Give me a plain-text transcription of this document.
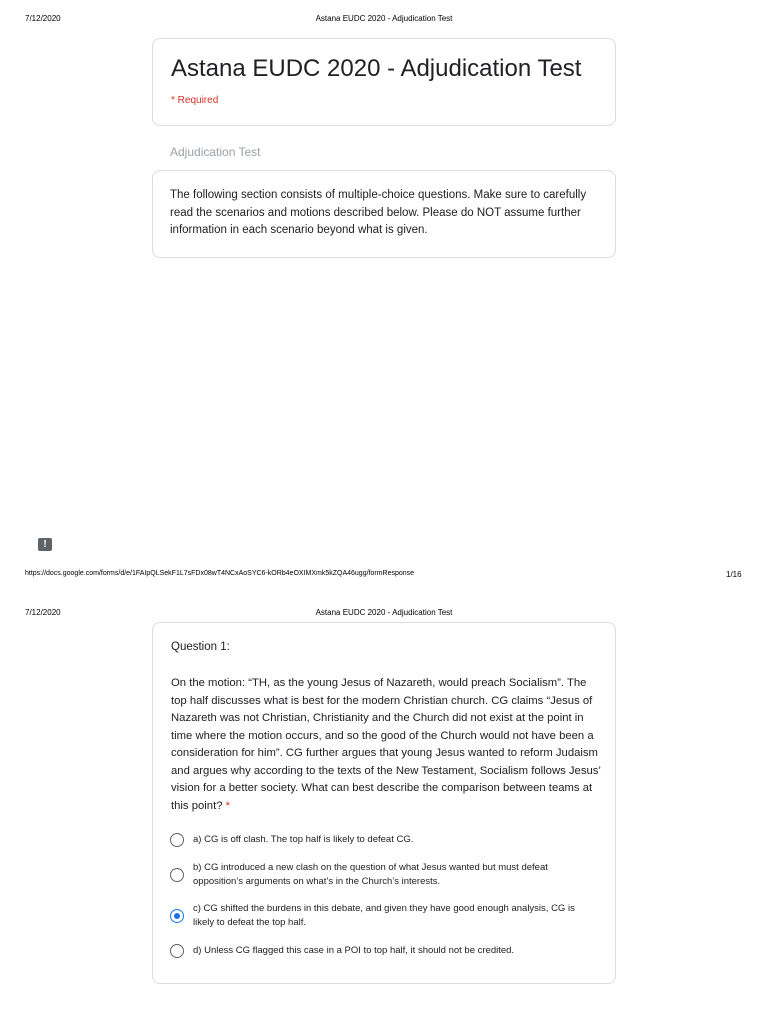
7/12/2020	Astana EUDC 2020 - Adjudication Test
Astana EUDC 2020 - Adjudication Test
* Required
Adjudication Test
The following section consists of multiple-choice questions. Make sure to carefully read the scenarios and motions described below. Please do NOT assume further information in each scenario beyond what is given.
!
https://docs.google.com/forms/d/e/1FAIpQLSekF1L7sFDx08wT4NCxAoSYC6-kORb4eOXIMXmk5kZQA46ugg/formResponse	1/16
7/12/2020	Astana EUDC 2020 - Adjudication Test
Question 1:
On the motion: “TH, as the young Jesus of Nazareth, would preach Socialism”. The top half discusses what is best for the modern Christian church. CG claims “Jesus of Nazareth was not Christian, Christianity and the Church did not exist at the point in time where the motion occurs, and so the good of the Church would not have been a consideration for him”. CG further argues that young Jesus wanted to reform Judaism and argues why according to the texts of the New Testament, Socialism follows Jesus’ vision for a better society. What can best describe the comparison between teams at this point? *
a) CG is off clash. The top half is likely to defeat CG.
b) CG introduced a new clash on the question of what Jesus wanted but must defeat opposition’s arguments on what’s in the Church’s interests.
c) CG shifted the burdens in this debate, and given they have good enough analysis, CG is likely to defeat the top half.
d) Unless CG flagged this case in a POI to top half, it should not be credited.
